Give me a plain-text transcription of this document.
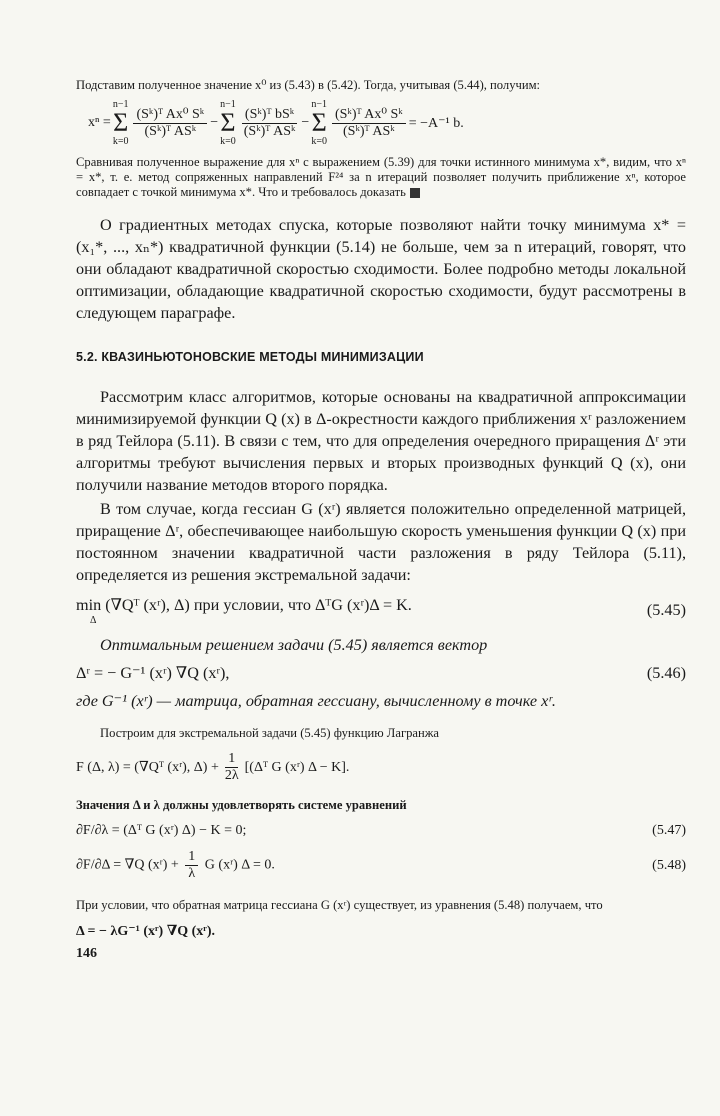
Подставим полученное значение x⁰ из (5.43) в (5.42). Тогда, учитывая (5.44), получим:

xⁿ =
n−1
Σ
k=0
$\frac{\text{(Sᵏ)ᵀ Ax⁰ Sᵏ}}{\text{(Sᵏ)ᵀ ASᵏ}}$ −
n−1
Σ
k=0
$\frac{\text{(Sᵏ)ᵀ bSᵏ}}{\text{(Sᵏ)ᵀ ASᵏ}}$ −
n−1
Σ
k=0
$\frac{\text{(Sᵏ)ᵀ Ax⁰ Sᵏ}}{\text{(Sᵏ)ᵀ ASᵏ}} = -A^{-1}$ b.

Сравнивая полученное выражение для xⁿ с выражением (5.39) для точки истинного минимума x*, видим, что xⁿ = x*, т. е. метод сопряженных направлений F²⁴ за n итераций позволяет получить приближение xⁿ, которое совпадает с точкой минимума x*. Что и требовалось доказать

О градиентных методах спуска, которые позволяют найти точку минимума x* = (x₁*, ..., xₙ*) квадратичной функции (5.14) не больше, чем за n итераций, говорят, что они обладают квадратичной скоростью сходимости. Более подробно методы локальной оптимизации, обладающие квадратичной скоростью сходимости, будут рассмотрены в следующем параграфе.

5.2. КВАЗИНЬЮТОНОВСКИЕ МЕТОДЫ МИНИМИЗАЦИИ

Рассмотрим класс алгоритмов, которые основаны на квадратичной аппроксимации минимизируемой функции Q (x) в Δ-окрестности каждого приближения xʳ разложением в ряд Тейлора (5.11). В связи с тем, что для определения очередного приращения Δʳ эти алгоритмы требуют вычисления первых и вторых производных функций Q (x), они получили название методов второго порядка.

В том случае, когда гессиан G (xʳ) является положительно определенной матрицей, приращение Δʳ, обеспечивающее наибольшую скорость уменьшения функции Q (x) при постоянном значении квадратичной части разложения в ряду Тейлора (5.11), определяется из решения экстремальной задачи:

min (∇Qᵀ (xʳ), Δ) при условии, что ΔᵀG (xʳ)Δ = K.
Δ
(5.45)

Оптимальным решением задачи (5.45) является вектор

Δʳ = − G⁻¹ (xʳ) ∇Q (xʳ),	(5.46)

где G⁻¹ (xʳ) — матрица, обратная гессиану, вычисленному в точке xʳ.

Построим для экстремальной задачи (5.45) функцию Лагранжа

F (Δ, λ) = (∇Qᵀ (xʳ), $\Delta) + \frac{1}{2\lambda}$ [(Δᵀ G (xʳ) Δ − K].

Значения Δ и λ должны удовлетворять системе уравнений

∂F/∂λ = (Δᵀ G (xʳ) Δ) − K = 0;	(5.47)
∂F/∂Δ = ∇Q (xʳ) + $\frac{1}{\lambda}$ G (xʳ) Δ = 0.	(5.48)

При условии, что обратная матрица гессиана G (xʳ) существует, из уравнения (5.48) получаем, что

Δ = − λG⁻¹ (xʳ) ∇Q (xʳ).
146
